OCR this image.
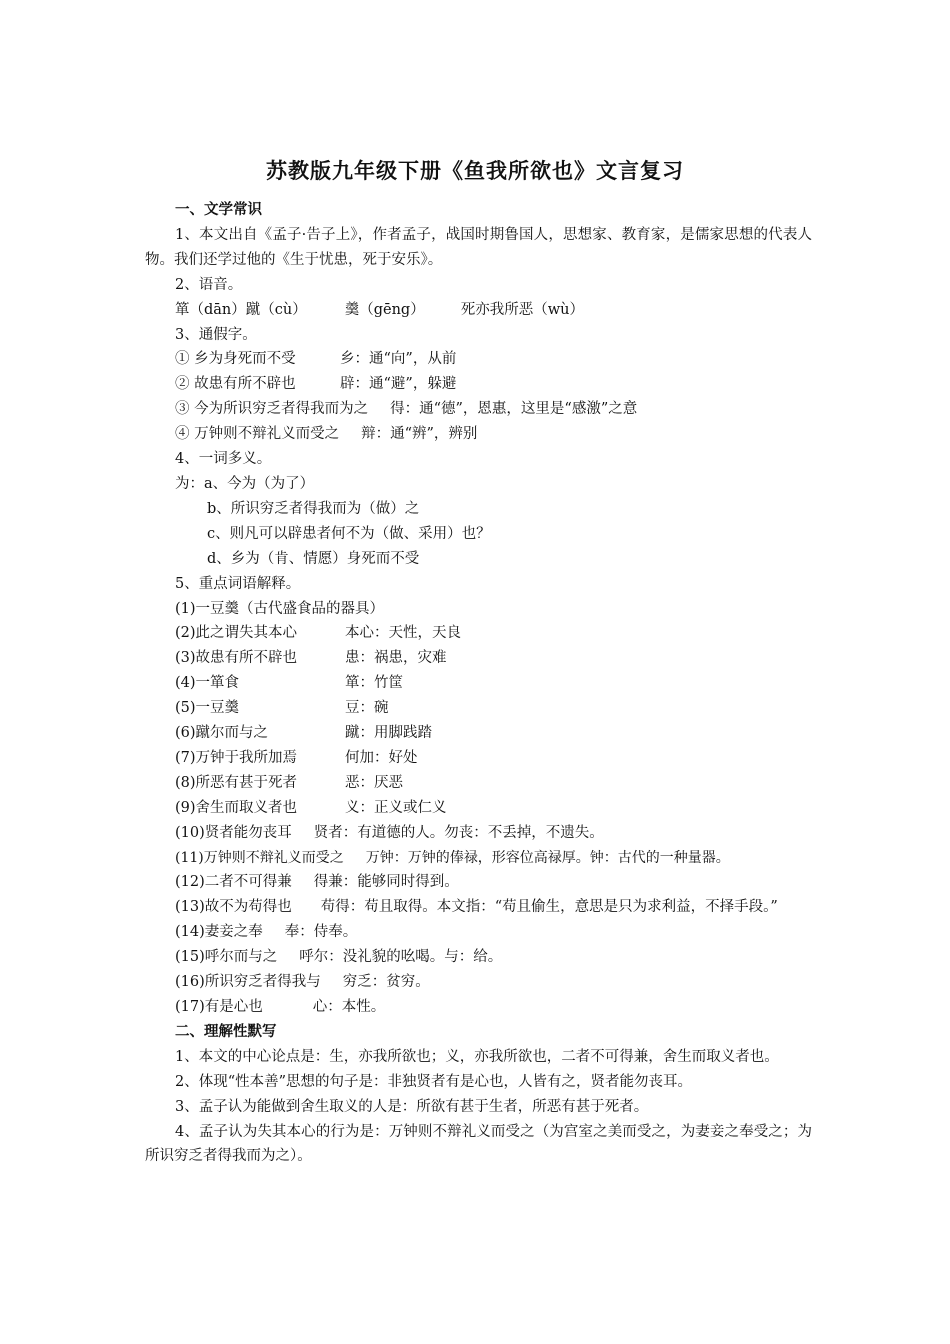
苏教版九年级下册《鱼我所欲也》文言复习

一、文学常识

1、本文出自《孟子·告子上》，作者孟子，战国时期鲁国人，思想家、教育家，是儒家思想的代表人物。我们还学过他的《生于忧患，死于安乐》。

2、语音。

箪（dān）蹴（cù）	羹（gēng） 死亦我所恶（wù）

3、通假字。

① 乡为身死而不受	乡：通“向”，从前

② 故患有所不辟也	辟：通“避”，躲避

③ 今为所识穷乏者得我而为之 得：通“德”，恩惠，这里是“感激”之意

④ 万钟则不辩礼义而受之 辩：通“辨”，辨别

4、一词多义。

为：a、今为（为了）

b、所识穷乏者得我而为（做）之

c、则凡可以辟患者何不为（做、采用）也？

d、乡为（肯、情愿）身死而不受

5、重点词语解释。

(1)一豆羹（古代盛食品的器具）

(2)此之谓失其本心	本心：天性，天良

(3)故患有所不辟也	患：祸患，灾难

(4)一箪食	箪：竹筐

(5)一豆羹	豆：碗

(6)蹴尔而与之	蹴：用脚践踏

(7)万钟于我所加焉	何加：好处

(8)所恶有甚于死者	恶：厌恶

(9)舍生而取义者也	义：正义或仁义

(10)贤者能勿丧耳 贤者：有道德的人。勿丧：不丢掉，不遗失。

(11)万钟则不辩礼义而受之 万钟：万钟的俸禄，形容位高禄厚。钟：古代的一种量器。

(12)二者不可得兼 得兼：能够同时得到。

(13)故不为苟得也　　苟得：苟且取得。本文指：“苟且偷生，意思是只为求利益，不择手段。”

(14)妻妾之奉 奉：侍奉。

(15)呼尔而与之 呼尔：没礼貌的吆喝。与：给。

(16)所识穷乏者得我与 穷乏：贫穷。

(17)有是心也	心：本性。

二、理解性默写

1、本文的中心论点是：生，亦我所欲也；义，亦我所欲也，二者不可得兼，舍生而取义者也。

2、体现“性本善”思想的句子是：非独贤者有是心也，人皆有之，贤者能勿丧耳。

3、孟子认为能做到舍生取义的人是：所欲有甚于生者，所恶有甚于死者。

4、孟子认为失其本心的行为是：万钟则不辩礼义而受之（为宫室之美而受之，为妻妾之奉受之；为所识穷乏者得我而为之）。
